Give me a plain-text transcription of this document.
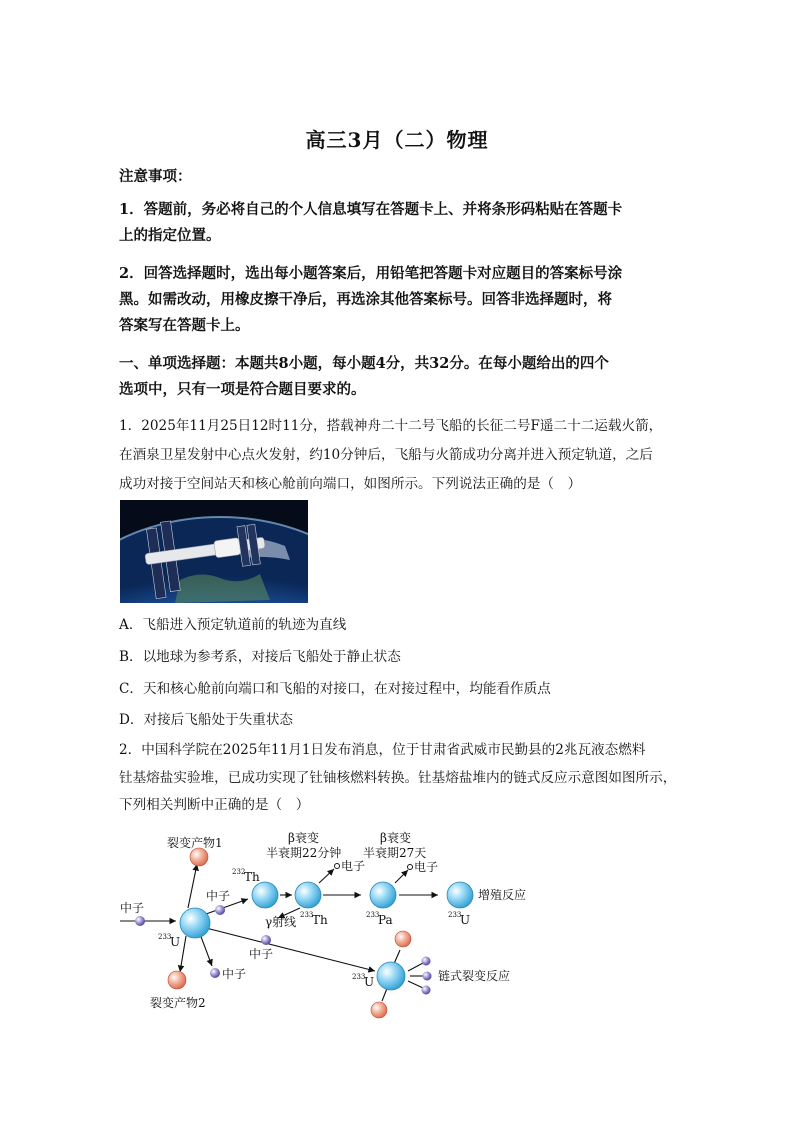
高三3月（二）物理
注意事项：
1．答题前，务必将自己的个人信息填写在答题卡上、并将条形码粘贴在答题卡
上的指定位置。
2．回答选择题时，选出每小题答案后，用铅笔把答题卡对应题目的答案标号涂
黑。如需改动，用橡皮擦干净后，再选涂其他答案标号。回答非选择题时，将
答案写在答题卡上。
一、单项选择题：本题共8小题，每小题4分，共32分。在每小题给出的四个
选项中，只有一项是符合题目要求的。
1．2025年11月25日12时11分，搭载神舟二十二号飞船的长征二号F遥二十二运载火箭，
在酒泉卫星发射中心点火发射，约10分钟后，飞船与火箭成功分离并进入预定轨道，之后
成功对接于空间站天和核心舱前向端口，如图所示。下列说法正确的是（　）
A．飞船进入预定轨道前的轨迹为直线
B．以地球为参考系，对接后飞船处于静止状态
C．天和核心舱前向端口和飞船的对接口，在对接过程中，均能看作质点
D．对接后飞船处于失重状态
2．中国科学院在2025年11月1日发布消息，位于甘肃省武威市民勤县的2兆瓦液态燃料
钍基熔盐实验堆，已成功实现了钍铀核燃料转换。钍基熔盐堆内的链式反应示意图如图所示，
下列相关判断中正确的是（　）
裂变产物1
裂变产物2
中子
中子
中子
中子
β衰变
半衰期22分钟
β衰变
半衰期27天
电子	电子
γ射线
增殖反应
链式裂变反应
233
U
232
Th
233
Th	233
Pa	233
U
233
U
